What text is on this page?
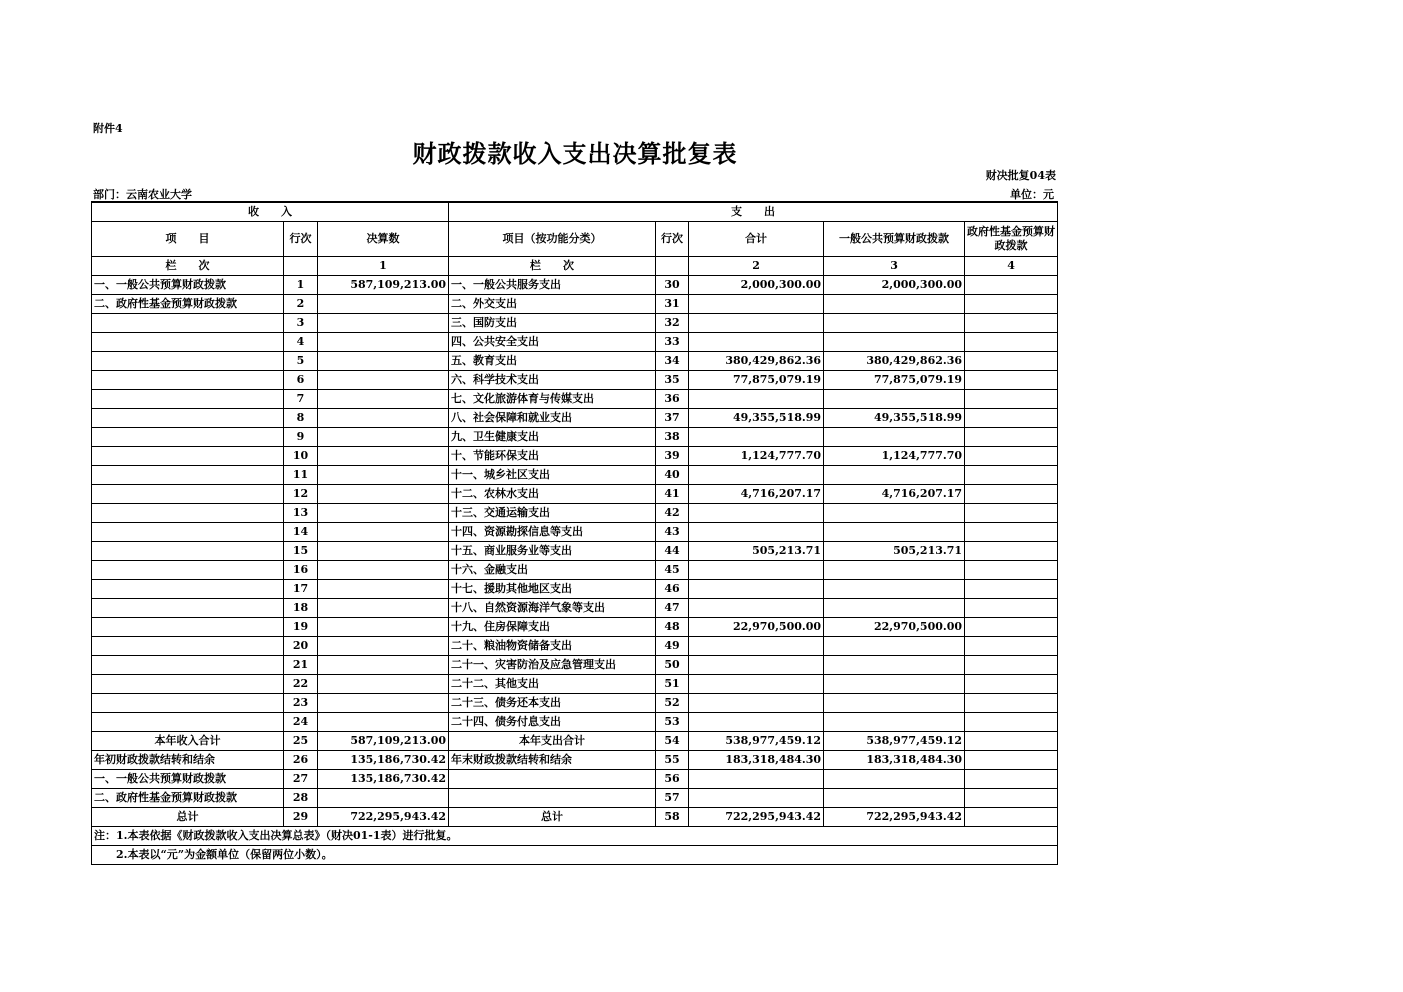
附件4
财政拨款收入支出决算批复表
财决批复04表
部门：云南农业大学	单位：元
收　　入			支　　出				
项　　目	行次	决算数	项目（按功能分类）	行次	合计	一般公共预算财政拨款	政府性基金预算财政拨款
栏　　次		1	栏　　次		2	3	4
一、一般公共预算财政拨款	1	587,109,213.00	一、一般公共服务支出	30	2,000,300.00	2,000,300.00	
二、政府性基金预算财政拨款	2		二、外交支出	31			
	3		三、国防支出	32			
	4		四、公共安全支出	33			
	5		五、教育支出	34	380,429,862.36	380,429,862.36	
	6		六、科学技术支出	35	77,875,079.19	77,875,079.19	
	7		七、文化旅游体育与传媒支出	36			
	8		八、社会保障和就业支出	37	49,355,518.99	49,355,518.99	
	9		九、卫生健康支出	38			
	10		十、节能环保支出	39	1,124,777.70	1,124,777.70	
	11		十一、城乡社区支出	40			
	12		十二、农林水支出	41	4,716,207.17	4,716,207.17	
	13		十三、交通运输支出	42			
	14		十四、资源勘探信息等支出	43			
	15		十五、商业服务业等支出	44	505,213.71	505,213.71	
	16		十六、金融支出	45			
	17		十七、援助其他地区支出	46			
	18		十八、自然资源海洋气象等支出	47			
	19		十九、住房保障支出	48	22,970,500.00	22,970,500.00	
	20		二十、粮油物资储备支出	49			
	21		二十一、灾害防治及应急管理支出	50			
	22		二十二、其他支出	51			
	23		二十三、债务还本支出	52			
	24		二十四、债务付息支出	53			
本年收入合计	25	587,109,213.00	本年支出合计	54	538,977,459.12	538,977,459.12	
年初财政拨款结转和结余	26	135,186,730.42	年末财政拨款结转和结余	55	183,318,484.30	183,318,484.30	
一、一般公共预算财政拨款	27	135,186,730.42		56			
二、政府性基金预算财政拨款	28			57			
总计	29	722,295,943.42	总计	58	722,295,943.42	722,295,943.42	
注：1.本表依据《财政拨款收入支出决算总表》（财决01-1表）进行批复。							
　　2.本表以“元”为金额单位（保留两位小数）。							
